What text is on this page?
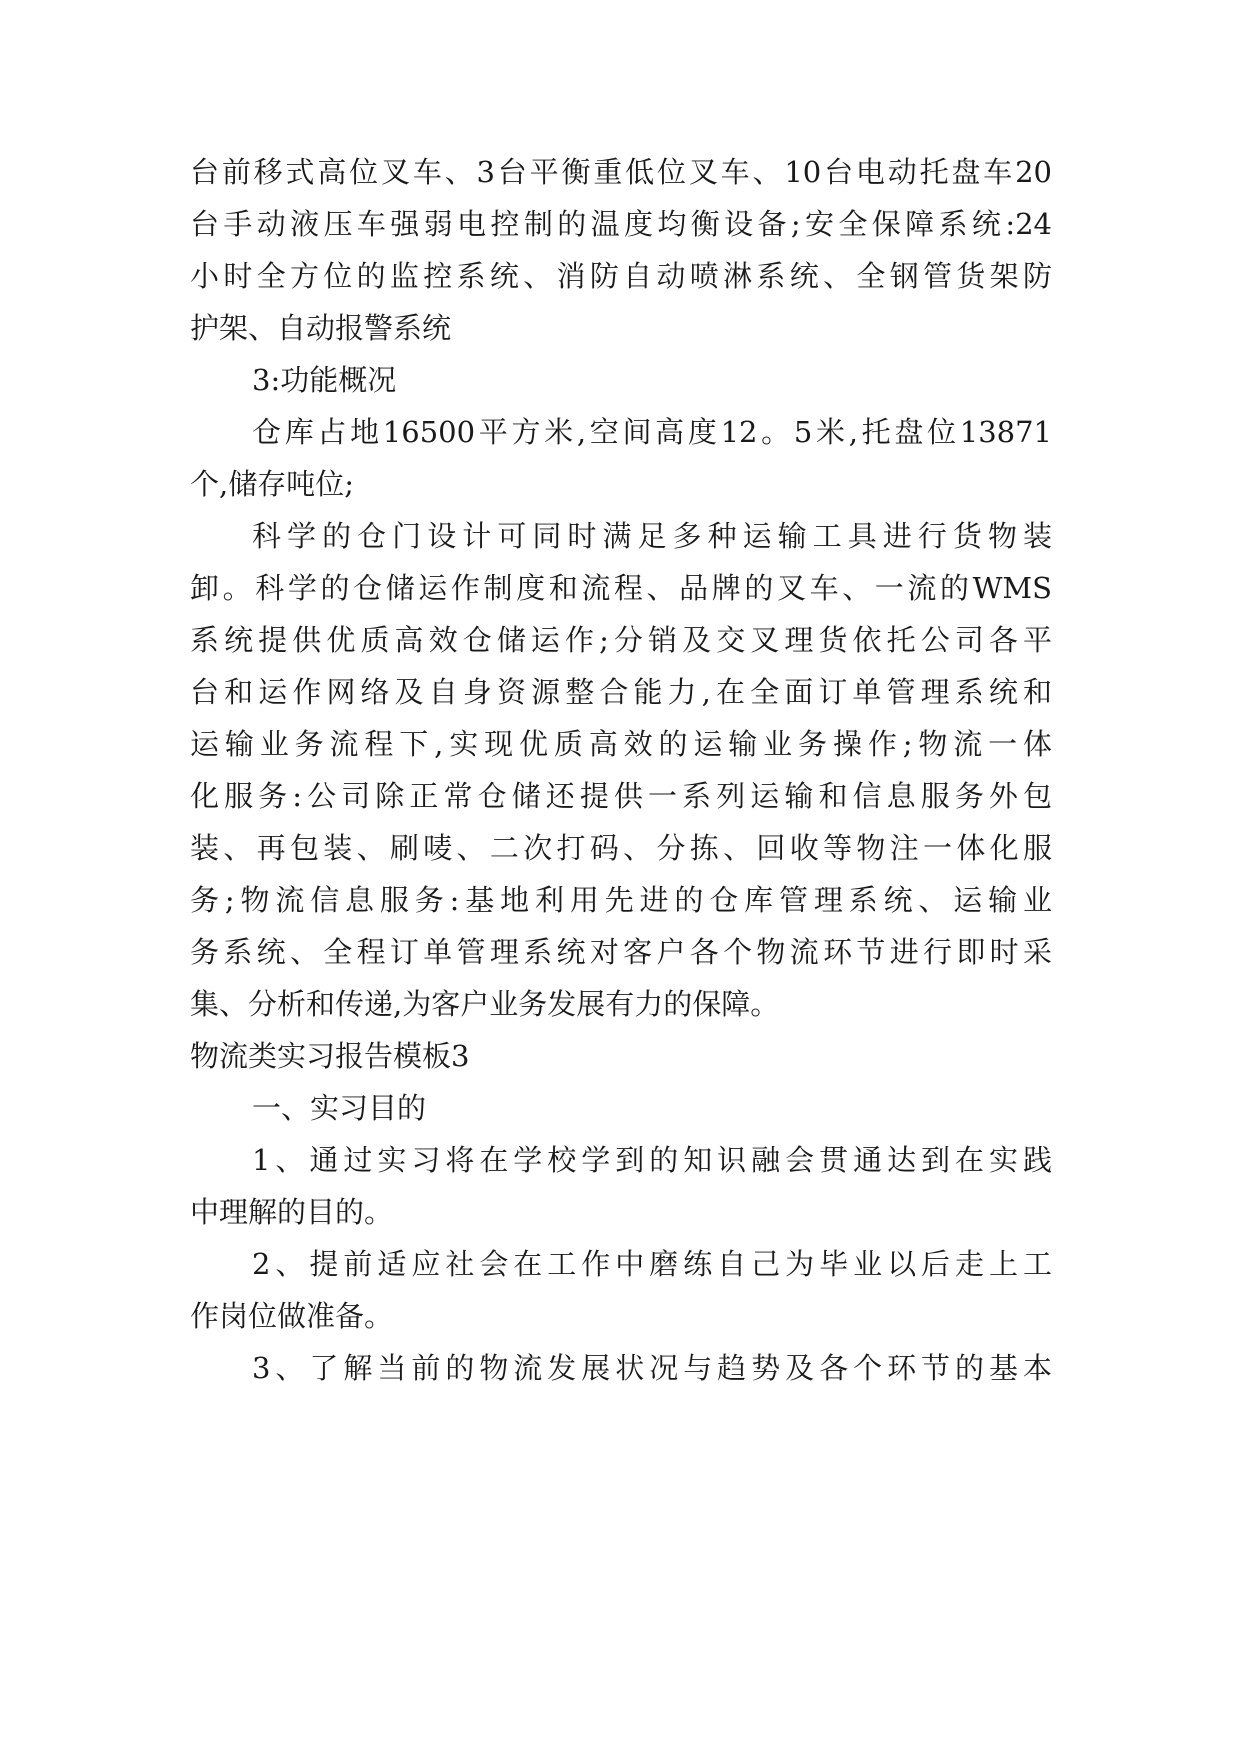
台前移式高位叉车、3台平衡重低位叉车、10台电动托盘车20
台手动液压车强弱电控制的温度均衡设备;安全保障系统:24
小时全方位的监控系统、消防自动喷淋系统、全钢管货架防
护架、自动报警系统
3:功能概况
仓库占地16500平方米,空间高度12。5米,托盘位13871
个,储存吨位;
科学的仓门设计可同时满足多种运输工具进行货物装
卸。科学的仓储运作制度和流程、品牌的叉车、一流的WMS
系统提供优质高效仓储运作;分销及交叉理货依托公司各平
台和运作网络及自身资源整合能力,在全面订单管理系统和
运输业务流程下,实现优质高效的运输业务操作;物流一体
化服务:公司除正常仓储还提供一系列运输和信息服务外包
装、再包装、刷唛、二次打码、分拣、回收等物注一体化服
务;物流信息服务:基地利用先进的仓库管理系统、运输业
务系统、全程订单管理系统对客户各个物流环节进行即时采
集、分析和传递,为客户业务发展有力的保障。
物流类实习报告模板3
一、实习目的
1、通过实习将在学校学到的知识融会贯通达到在实践
中理解的目的。
2、提前适应社会在工作中磨练自己为毕业以后走上工
作岗位做准备。
3、了解当前的物流发展状况与趋势及各个环节的基本
